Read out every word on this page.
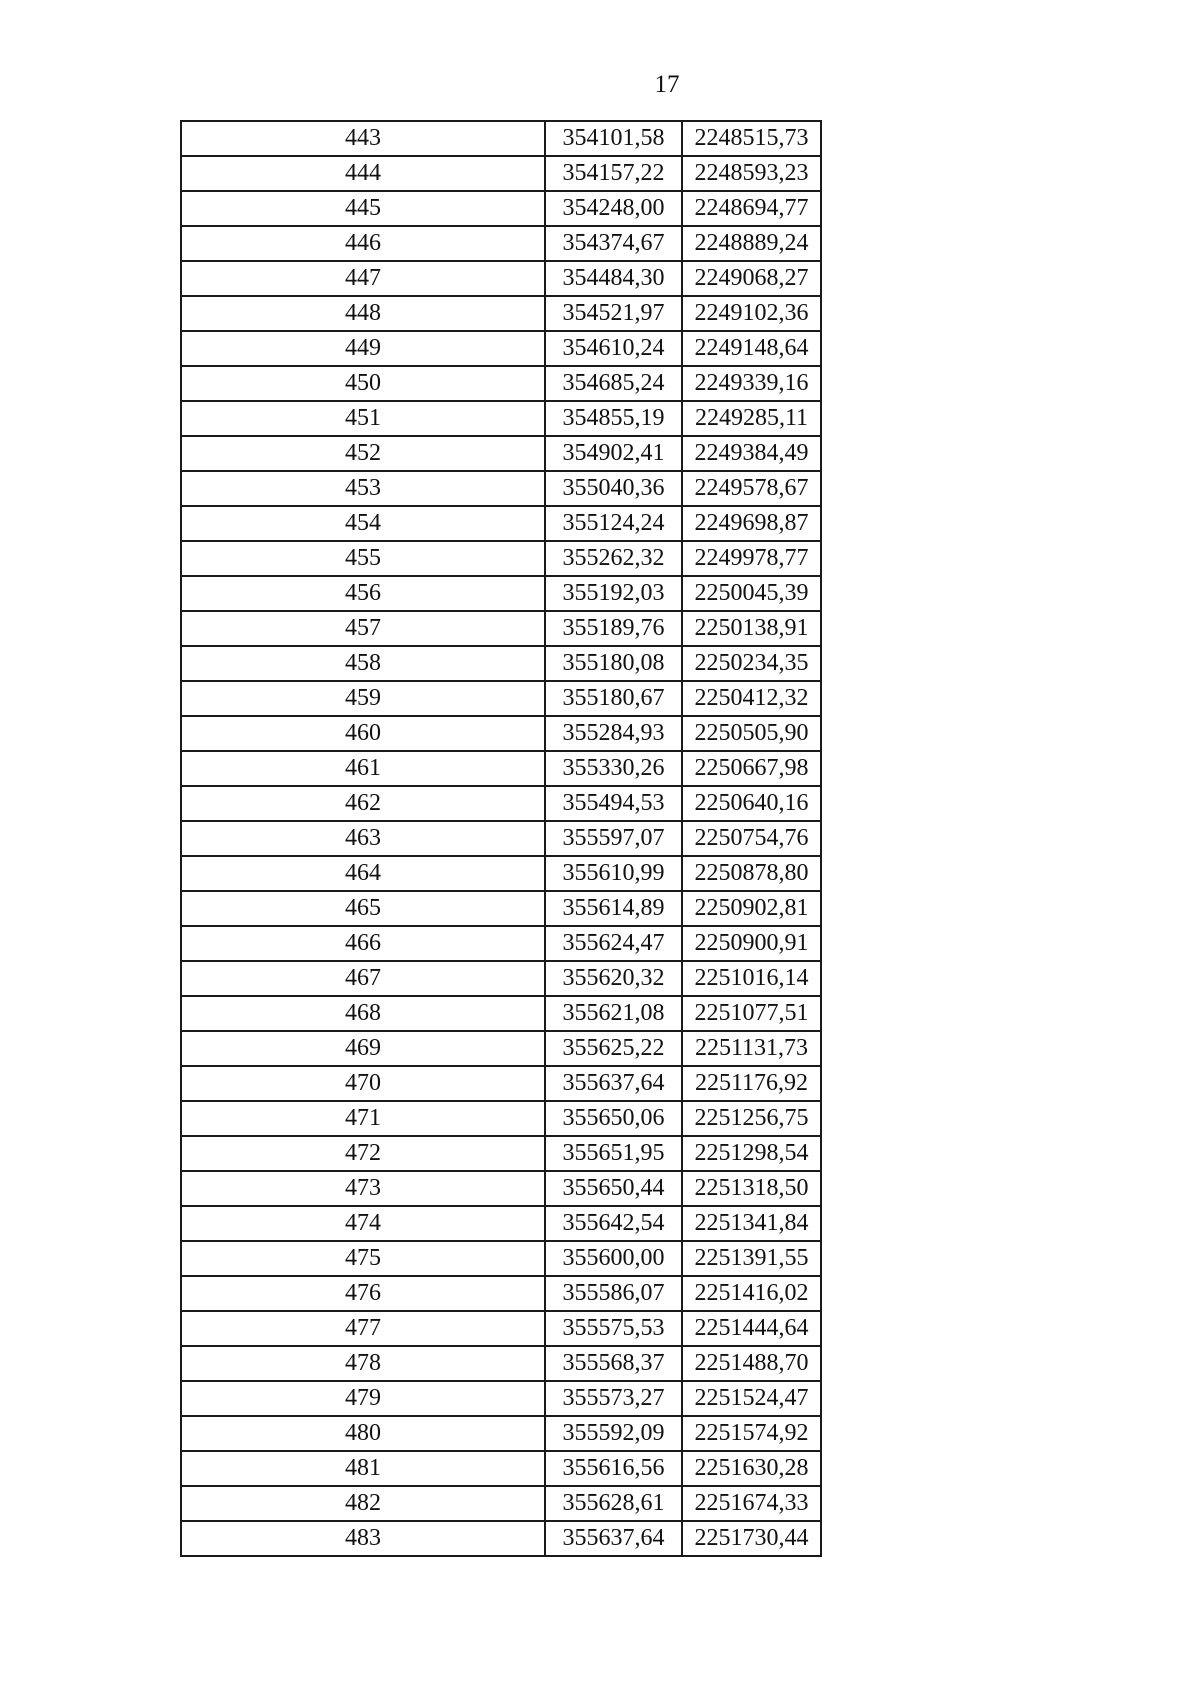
17
443	354101,58	2248515,73
444	354157,22	2248593,23
445	354248,00	2248694,77
446	354374,67	2248889,24
447	354484,30	2249068,27
448	354521,97	2249102,36
449	354610,24	2249148,64
450	354685,24	2249339,16
451	354855,19	2249285,11
452	354902,41	2249384,49
453	355040,36	2249578,67
454	355124,24	2249698,87
455	355262,32	2249978,77
456	355192,03	2250045,39
457	355189,76	2250138,91
458	355180,08	2250234,35
459	355180,67	2250412,32
460	355284,93	2250505,90
461	355330,26	2250667,98
462	355494,53	2250640,16
463	355597,07	2250754,76
464	355610,99	2250878,80
465	355614,89	2250902,81
466	355624,47	2250900,91
467	355620,32	2251016,14
468	355621,08	2251077,51
469	355625,22	2251131,73
470	355637,64	2251176,92
471	355650,06	2251256,75
472	355651,95	2251298,54
473	355650,44	2251318,50
474	355642,54	2251341,84
475	355600,00	2251391,55
476	355586,07	2251416,02
477	355575,53	2251444,64
478	355568,37	2251488,70
479	355573,27	2251524,47
480	355592,09	2251574,92
481	355616,56	2251630,28
482	355628,61	2251674,33
483	355637,64	2251730,44
